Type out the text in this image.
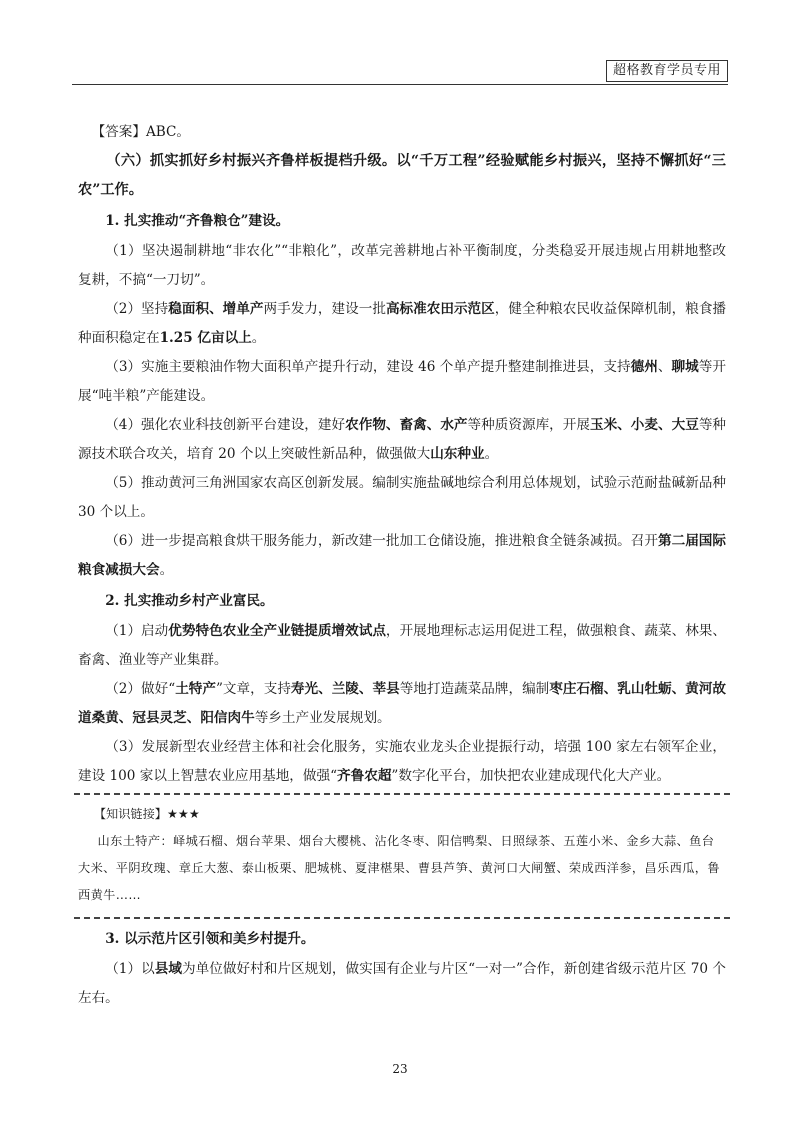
超格教育学员专用

【答案】ABC。

（六）抓实抓好乡村振兴齐鲁样板提档升级。以“千万工程”经验赋能乡村振兴，坚持不懈抓好“三农”工作。
1. 扎实推动“齐鲁粮仓”建设。

（1）坚决遏制耕地“非农化”“非粮化”，改革完善耕地占补平衡制度，分类稳妥开展违规占用耕地整改复耕，不搞“一刀切”。

（2）坚持稳面积、增单产两手发力，建设一批高标准农田示范区，健全种粮农民收益保障机制，粮食播种面积稳定在1.25 亿亩以上。

（3）实施主要粮油作物大面积单产提升行动，建设 46 个单产提升整建制推进县，支持德州、聊城等开展“吨半粮”产能建设。

（4）强化农业科技创新平台建设，建好农作物、畜禽、水产等种质资源库，开展玉米、小麦、大豆等种源技术联合攻关，培育 20 个以上突破性新品种，做强做大山东种业。

（5）推动黄河三角洲国家农高区创新发展。编制实施盐碱地综合利用总体规划，试验示范耐盐碱新品种 30 个以上。

（6）进一步提高粮食烘干服务能力，新改建一批加工仓储设施，推进粮食全链条减损。召开第二届国际粮食减损大会。

2. 扎实推动乡村产业富民。

（1）启动优势特色农业全产业链提质增效试点，开展地理标志运用促进工程，做强粮食、蔬菜、林果、畜禽、渔业等产业集群。

（2）做好“土特产”文章，支持寿光、兰陵、莘县等地打造蔬菜品牌，编制枣庄石榴、乳山牡蛎、黄河故道桑黄、冠县灵芝、阳信肉牛等乡土产业发展规划。

（3）发展新型农业经营主体和社会化服务，实施农业龙头企业提振行动，培强 100 家左右领军企业，建设 100 家以上智慧农业应用基地，做强“齐鲁农超”数字化平台，加快把农业建成现代化大产业。

【知识链接】★★★
山东土特产：峄城石榴、烟台苹果、烟台大樱桃、沾化冬枣、阳信鸭梨、日照绿茶、五莲小米、金乡大蒜、鱼台大米、平阴玫瑰、章丘大葱、泰山板栗、肥城桃、夏津椹果、曹县芦笋、黄河口大闸蟹、荣成西洋参，昌乐西瓜，鲁西黄牛……
3. 以示范片区引领和美乡村提升。

（1）以县域为单位做好村和片区规划，做实国有企业与片区“一对一”合作，新创建省级示范片区 70 个左右。

23
